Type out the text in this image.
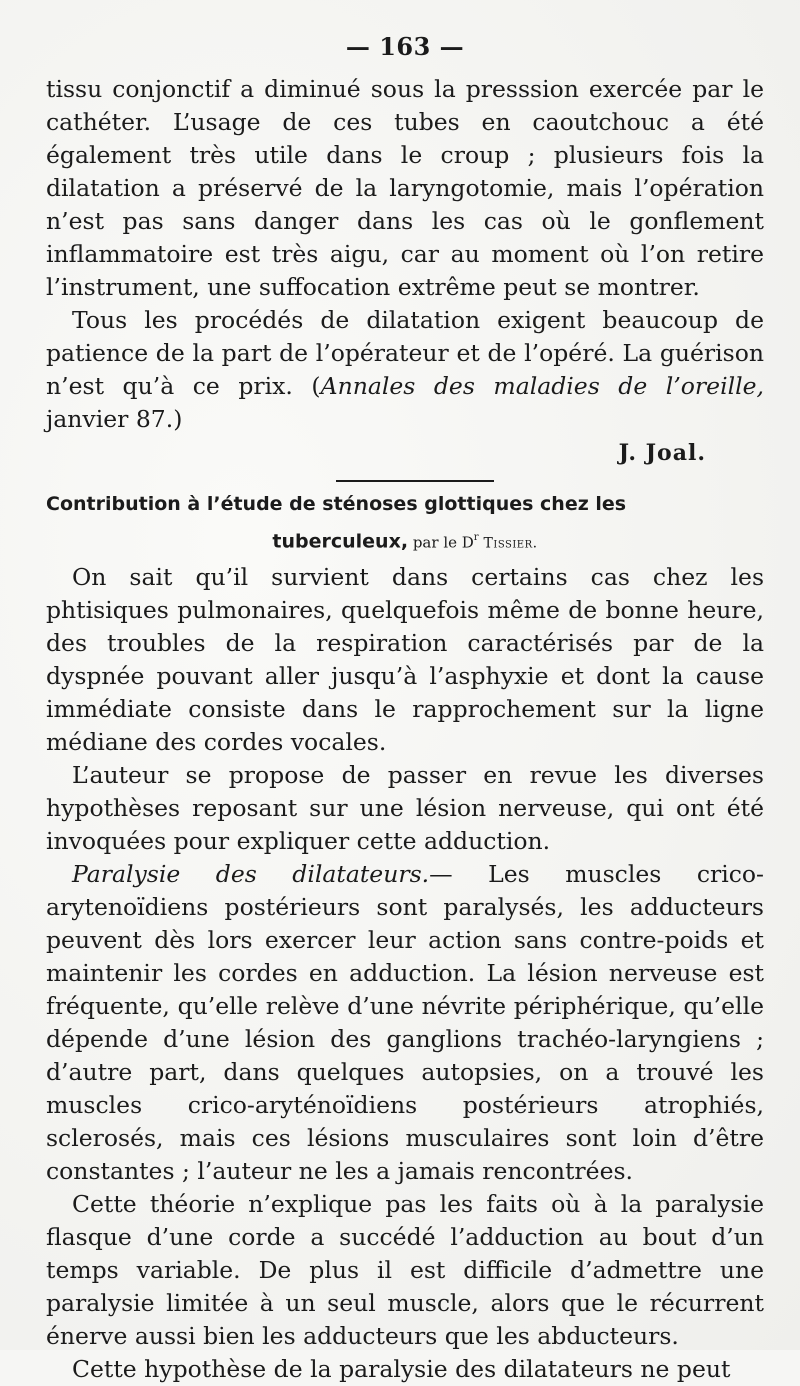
— 163 —

tissu conjonctif a diminué sous la presssion exercée par le cathéter. L’usage de ces tubes en caoutchouc a été également très utile dans le croup ; plusieurs fois la dilatation a préservé de la laryngotomie, mais l’opération n’est pas sans danger dans les cas où le gonflement inflammatoire est très aigu, car au moment où l’on retire l’instrument, une suffocation extrême peut se montrer.

Tous les procédés de dilatation exigent beaucoup de patience de la part de l’opérateur et de l’opéré. La guérison n’est qu’à ce prix. (Annales des maladies de l’oreille, janvier 87.)

J. Joal.

Contribution à l’étude de sténoses glottiques chez les

tuberculeux, par le $D^r$ Tissier.

On sait qu’il survient dans certains cas chez les phtisiques pulmonaires, quelquefois même de bonne heure, des troubles de la respiration caractérisés par de la dyspnée pouvant aller jusqu’à l’asphyxie et dont la cause immédiate consiste dans le rapprochement sur la ligne médiane des cordes vocales.

L’auteur se propose de passer en revue les diverses hypothèses reposant sur une lésion nerveuse, qui ont été invoquées pour expliquer cette adduction.

Paralysie des dilatateurs.— Les muscles crico-arytenoïdiens postérieurs sont paralysés, les adducteurs peuvent dès lors exercer leur action sans contre-poids et maintenir les cordes en adduction. La lésion nerveuse est fréquente, qu’elle relève d’une névrite périphérique, qu’elle dépende d’une lésion des ganglions trachéo-laryngiens ; d’autre part, dans quelques autopsies, on a trouvé les muscles crico-aryténoïdiens postérieurs atrophiés, sclerosés, mais ces lésions musculaires sont loin d’être constantes ; l’auteur ne les a jamais rencontrées.

Cette théorie n’explique pas les faits où à la paralysie flasque d’une corde a succédé l’adduction au bout d’un temps variable. De plus il est difficile d’admettre une paralysie limitée à un seul muscle, alors que le récurrent énerve aussi bien les adducteurs que les abducteurs.

Cette hypothèse de la paralysie des dilatateurs ne peut
